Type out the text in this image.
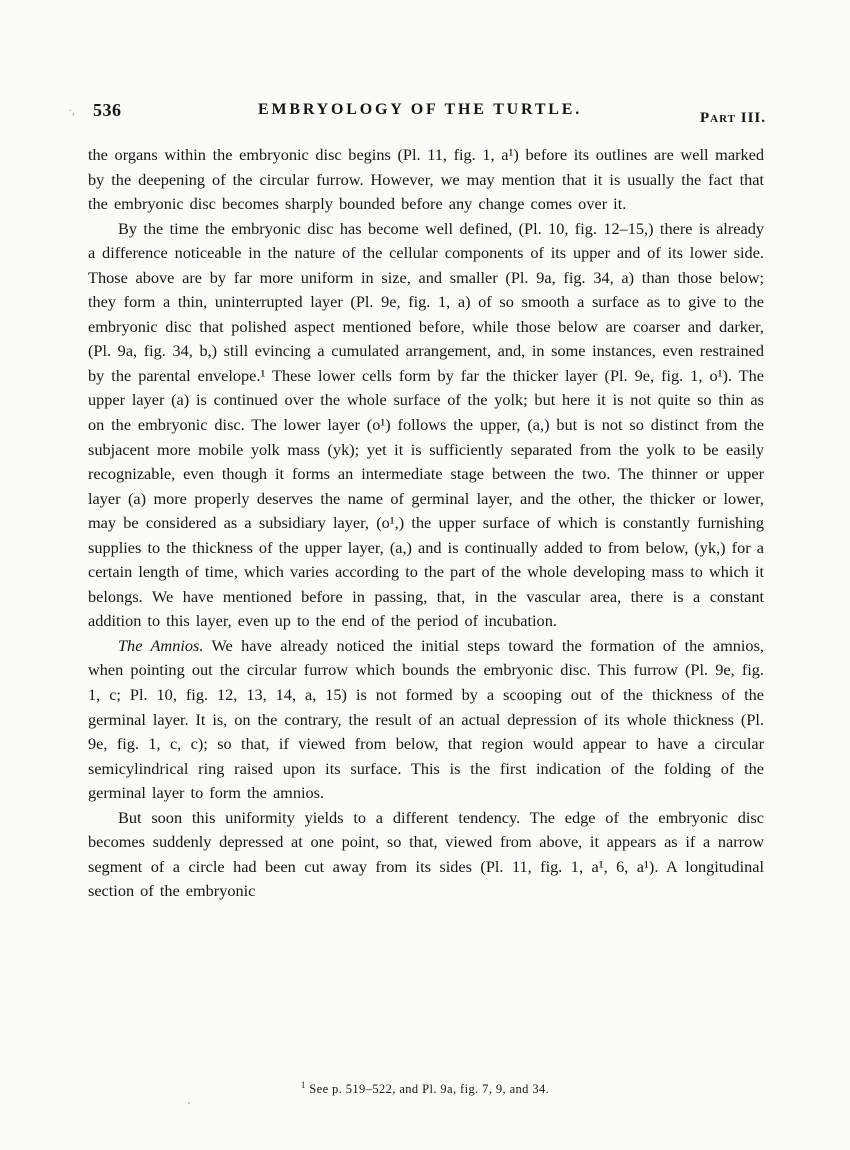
·, 536	EMBRYOLOGY OF THE TURTLE.	Part III.

the organs within the embryonic disc begins (Pl. 11, fig. 1, a¹) before its outlines are well marked by the deepening of the circular furrow. However, we may mention that it is usually the fact that the embryonic disc becomes sharply bounded before any change comes over it.

By the time the embryonic disc has become well defined, (Pl. 10, fig. 12–15,) there is already a difference noticeable in the nature of the cellular components of its upper and of its lower side. Those above are by far more uniform in size, and smaller (Pl. 9a, fig. 34, a) than those below; they form a thin, uninterrupted layer (Pl. 9e, fig. 1, a) of so smooth a surface as to give to the embryonic disc that polished aspect mentioned before, while those below are coarser and darker, (Pl. 9a, fig. 34, b,) still evincing a cumulated arrangement, and, in some instances, even restrained by the parental envelope.¹ These lower cells form by far the thicker layer (Pl. 9e, fig. 1, o¹). The upper layer (a) is continued over the whole surface of the yolk; but here it is not quite so thin as on the embryonic disc. The lower layer (o¹) follows the upper, (a,) but is not so distinct from the subjacent more mobile yolk mass (yk); yet it is sufficiently separated from the yolk to be easily recognizable, even though it forms an intermediate stage between the two. The thinner or upper layer (a) more properly deserves the name of germinal layer, and the other, the thicker or lower, may be considered as a subsidiary layer, (o¹,) the upper surface of which is constantly furnishing supplies to the thickness of the upper layer, (a,) and is continually added to from below, (yk,) for a certain length of time, which varies according to the part of the whole developing mass to which it belongs. We have mentioned before in passing, that, in the vascular area, there is a constant addition to this layer, even up to the end of the period of incubation.

The Amnios. We have already noticed the initial steps toward the formation of the amnios, when pointing out the circular furrow which bounds the embryonic disc. This furrow (Pl. 9e, fig. 1, c; Pl. 10, fig. 12, 13, 14, a, 15) is not formed by a scooping out of the thickness of the germinal layer. It is, on the contrary, the result of an actual depression of its whole thickness (Pl. 9e, fig. 1, c, c); so that, if viewed from below, that region would appear to have a circular semicylindrical ring raised upon its surface. This is the first indication of the folding of the germinal layer to form the amnios.

But soon this uniformity yields to a different tendency. The edge of the embryonic disc becomes suddenly depressed at one point, so that, viewed from above, it appears as if a narrow segment of a circle had been cut away from its sides (Pl. 11, fig. 1, a¹, 6, a¹). A longitudinal section of the embryonic

$^1$ See p. 519–522, and Pl. 9a, fig. 7, 9, and 34.
